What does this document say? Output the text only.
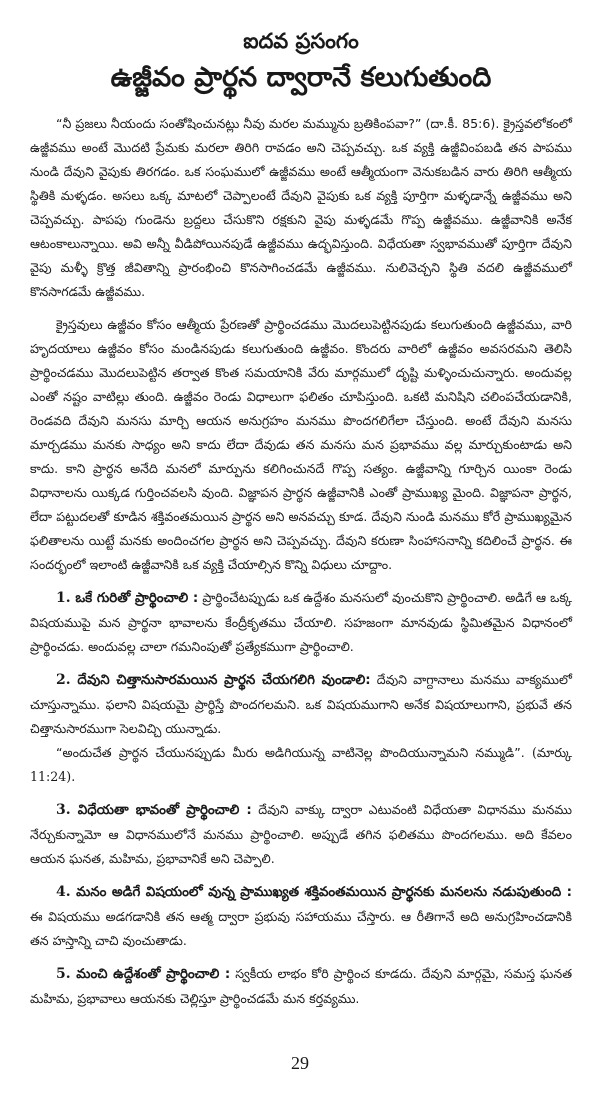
ఐదవ ప్రసంగం
ఉజ్జీవం ప్రార్థన ద్వారానే కలుగుతుంది

“నీ ప్రజలు నీయందు సంతోషించునట్లు నీవు మరల మమ్మును బ్రతికింపవా?” (దా.కీ. 85:6). క్రైస్తవలోకంలో ఉజ్జీవము అంటే మొదటి ప్రేమకు మరలా తిరిగి రావడం అని చెప్పవచ్చు. ఒక వ్యక్తి ఉజ్జీవింపబడి తన పాపము నుండి దేవుని వైపుకు తిరగడం. ఒక సంఘములో ఉజ్జీవము అంటే ఆత్మీయంగా వెనుకబడిన వారు తిరిగి ఆత్మీయ స్థితికి మళ్ళడం. అసలు ఒక్క మాటలో చెప్పాలంటే దేవుని వైపుకు ఒక వ్యక్తి పూర్తిగా మళ్ళడాన్నే ఉజ్జీవము అని చెప్పవచ్చు. పాపపు గుండెను బ్రద్దలు చేసుకొని రక్షకుని వైపు మళ్ళడమే గొప్ప ఉజ్జీవము. ఉజ్జీవానికి అనేక ఆటంకాలున్నాయి. అవి అన్నీ వీడిపోయినపుడే ఉజ్జీవము ఉద్భవిస్తుంది. విధేయతా స్వభావముతో పూర్తిగా దేవుని వైపు మళ్ళీ క్రొత్త జీవితాన్ని ప్రారంభించి కొనసాగించడమే ఉజ్జీవము. నులివెచ్చని స్థితి వదలి ఉజ్జీవములో కొనసాగడమే ఉజ్జీవము.

క్రైస్తవులు ఉజ్జీవం కోసం ఆత్మీయ ప్రేరణతో ప్రార్థించడము మొదలుపెట్టినపుడు కలుగుతుంది ఉజ్జీవము, వారి హృదయాలు ఉజ్జీవం కోసం మండినపుడు కలుగుతుంది ఉజ్జీవం. కొందరు వారిలో ఉజ్జీవం అవసరమని తెలిసి ప్రార్థించడము మొదలుపెట్టిన తర్వాత కొంత సమయానికి వేరు మార్గములో దృష్టి మళ్ళించుచున్నారు. అందువల్ల ఎంతో నష్టం వాటిల్లు తుంది. ఉజ్జీవం రెండు విధాలుగా ఫలితం చూపిస్తుంది. ఒకటి మనిషిని చలింపచేయడానికి, రెండవది దేవుని మనసు మార్చి ఆయన అనుగ్రహం మనము పొందగలిగేలా చేస్తుంది. అంటే దేవుని మనసు మార్చడము మనకు సాధ్యం అని కాదు లేదా దేవుడు తన మనసు మన ప్రభావము వల్ల మార్చుకుంటాడు అని కాదు. కాని ప్రార్థన అనేది మనలో మార్పును కలిగించునదే గొప్ప సత్యం. ఉజ్జీవాన్ని గూర్చిన యింకా రెండు విధానాలను యిక్కడ గుర్తించవలసి వుంది. విజ్ఞాపన ప్రార్థన ఉజ్జీవానికి ఎంతో ప్రాముఖ్య మైంది. విజ్ఞాపనా ప్రార్థన, లేదా పట్టుదలతో కూడిన శక్తివంతమయిన ప్రార్థన అని అనవచ్చు కూడ. దేవుని నుండి మనము కోరే ప్రాముఖ్యమైన ఫలితాలను యిట్టే మనకు అందించగల ప్రార్థన అని చెప్పవచ్చు. దేవుని కరుణా సింహాసనాన్ని కదిలించే ప్రార్థన. ఈ సందర్భంలో ఇలాంటి ఉజ్జీవానికి ఒక వ్యక్తి చేయాల్సిన కొన్ని విధులు చూద్దాం.

1. ఒకే గురితో ప్రార్థించాలి : ప్రార్థించేటప్పుడు ఒక ఉద్దేశం మనసులో వుంచుకొని ప్రార్థించాలి. అడిగే ఆ ఒక్క విషయముపై మన ప్రార్థనా భావాలను కేంద్రీకృతము చేయాలి. సహజంగా మానవుడు స్థిమితమైన విధానంలో ప్రార్థించడు. అందువల్ల చాలా గమనింపుతో ప్రత్యేకముగా ప్రార్థించాలి.

2. దేవుని చిత్తానుసారమయిన ప్రార్థన చేయగలిగి వుండాలి: దేవుని వాగ్దానాలు మనము వాక్యములో చూస్తున్నాము. ఫలాని విషయమై ప్రార్థిస్తే పొందగలమని. ఒక విషయముగాని అనేక విషయాలుగాని, ప్రభువే తన చిత్తానుసారముగా సెలవిచ్చి యున్నాడు.

“అందుచేత ప్రార్థన చేయునప్పుడు మీరు అడిగియున్న వాటినెల్ల పొందియున్నామని నమ్ముడి”. (మార్కు 11:24).

3. విధేయతా భావంతో ప్రార్థించాలి : దేవుని వాక్కు ద్వారా ఎటువంటి విధేయతా విధానము మనము నేర్చుకున్నామో ఆ విధానములోనే మనము ప్రార్థించాలి. అప్పుడే తగిన ఫలితము పొందగలము. అది కేవలం ఆయన ఘనత, మహిమ, ప్రభావానికే అని చెప్పాలి.

4. మనం అడిగే విషయంలో వున్న ప్రాముఖ్యత శక్తివంతమయిన ప్రార్థనకు మనలను నడుపుతుంది : ఈ విషయము అడగడానికి తన ఆత్మ ద్వారా ప్రభువు సహాయము చేస్తారు. ఆ రీతిగానే అది అనుగ్రహించడానికి తన హస్తాన్ని చాచి వుంచుతాడు.

5. మంచి ఉద్దేశంతో ప్రార్థించాలి : స్వకీయ లాభం కోరి ప్రార్థించ కూడదు. దేవుని మార్గమై, సమస్త ఘనత మహిమ, ప్రభావాలు ఆయనకు చెల్లిస్తూ ప్రార్థించడమే మన కర్తవ్యము.

29
